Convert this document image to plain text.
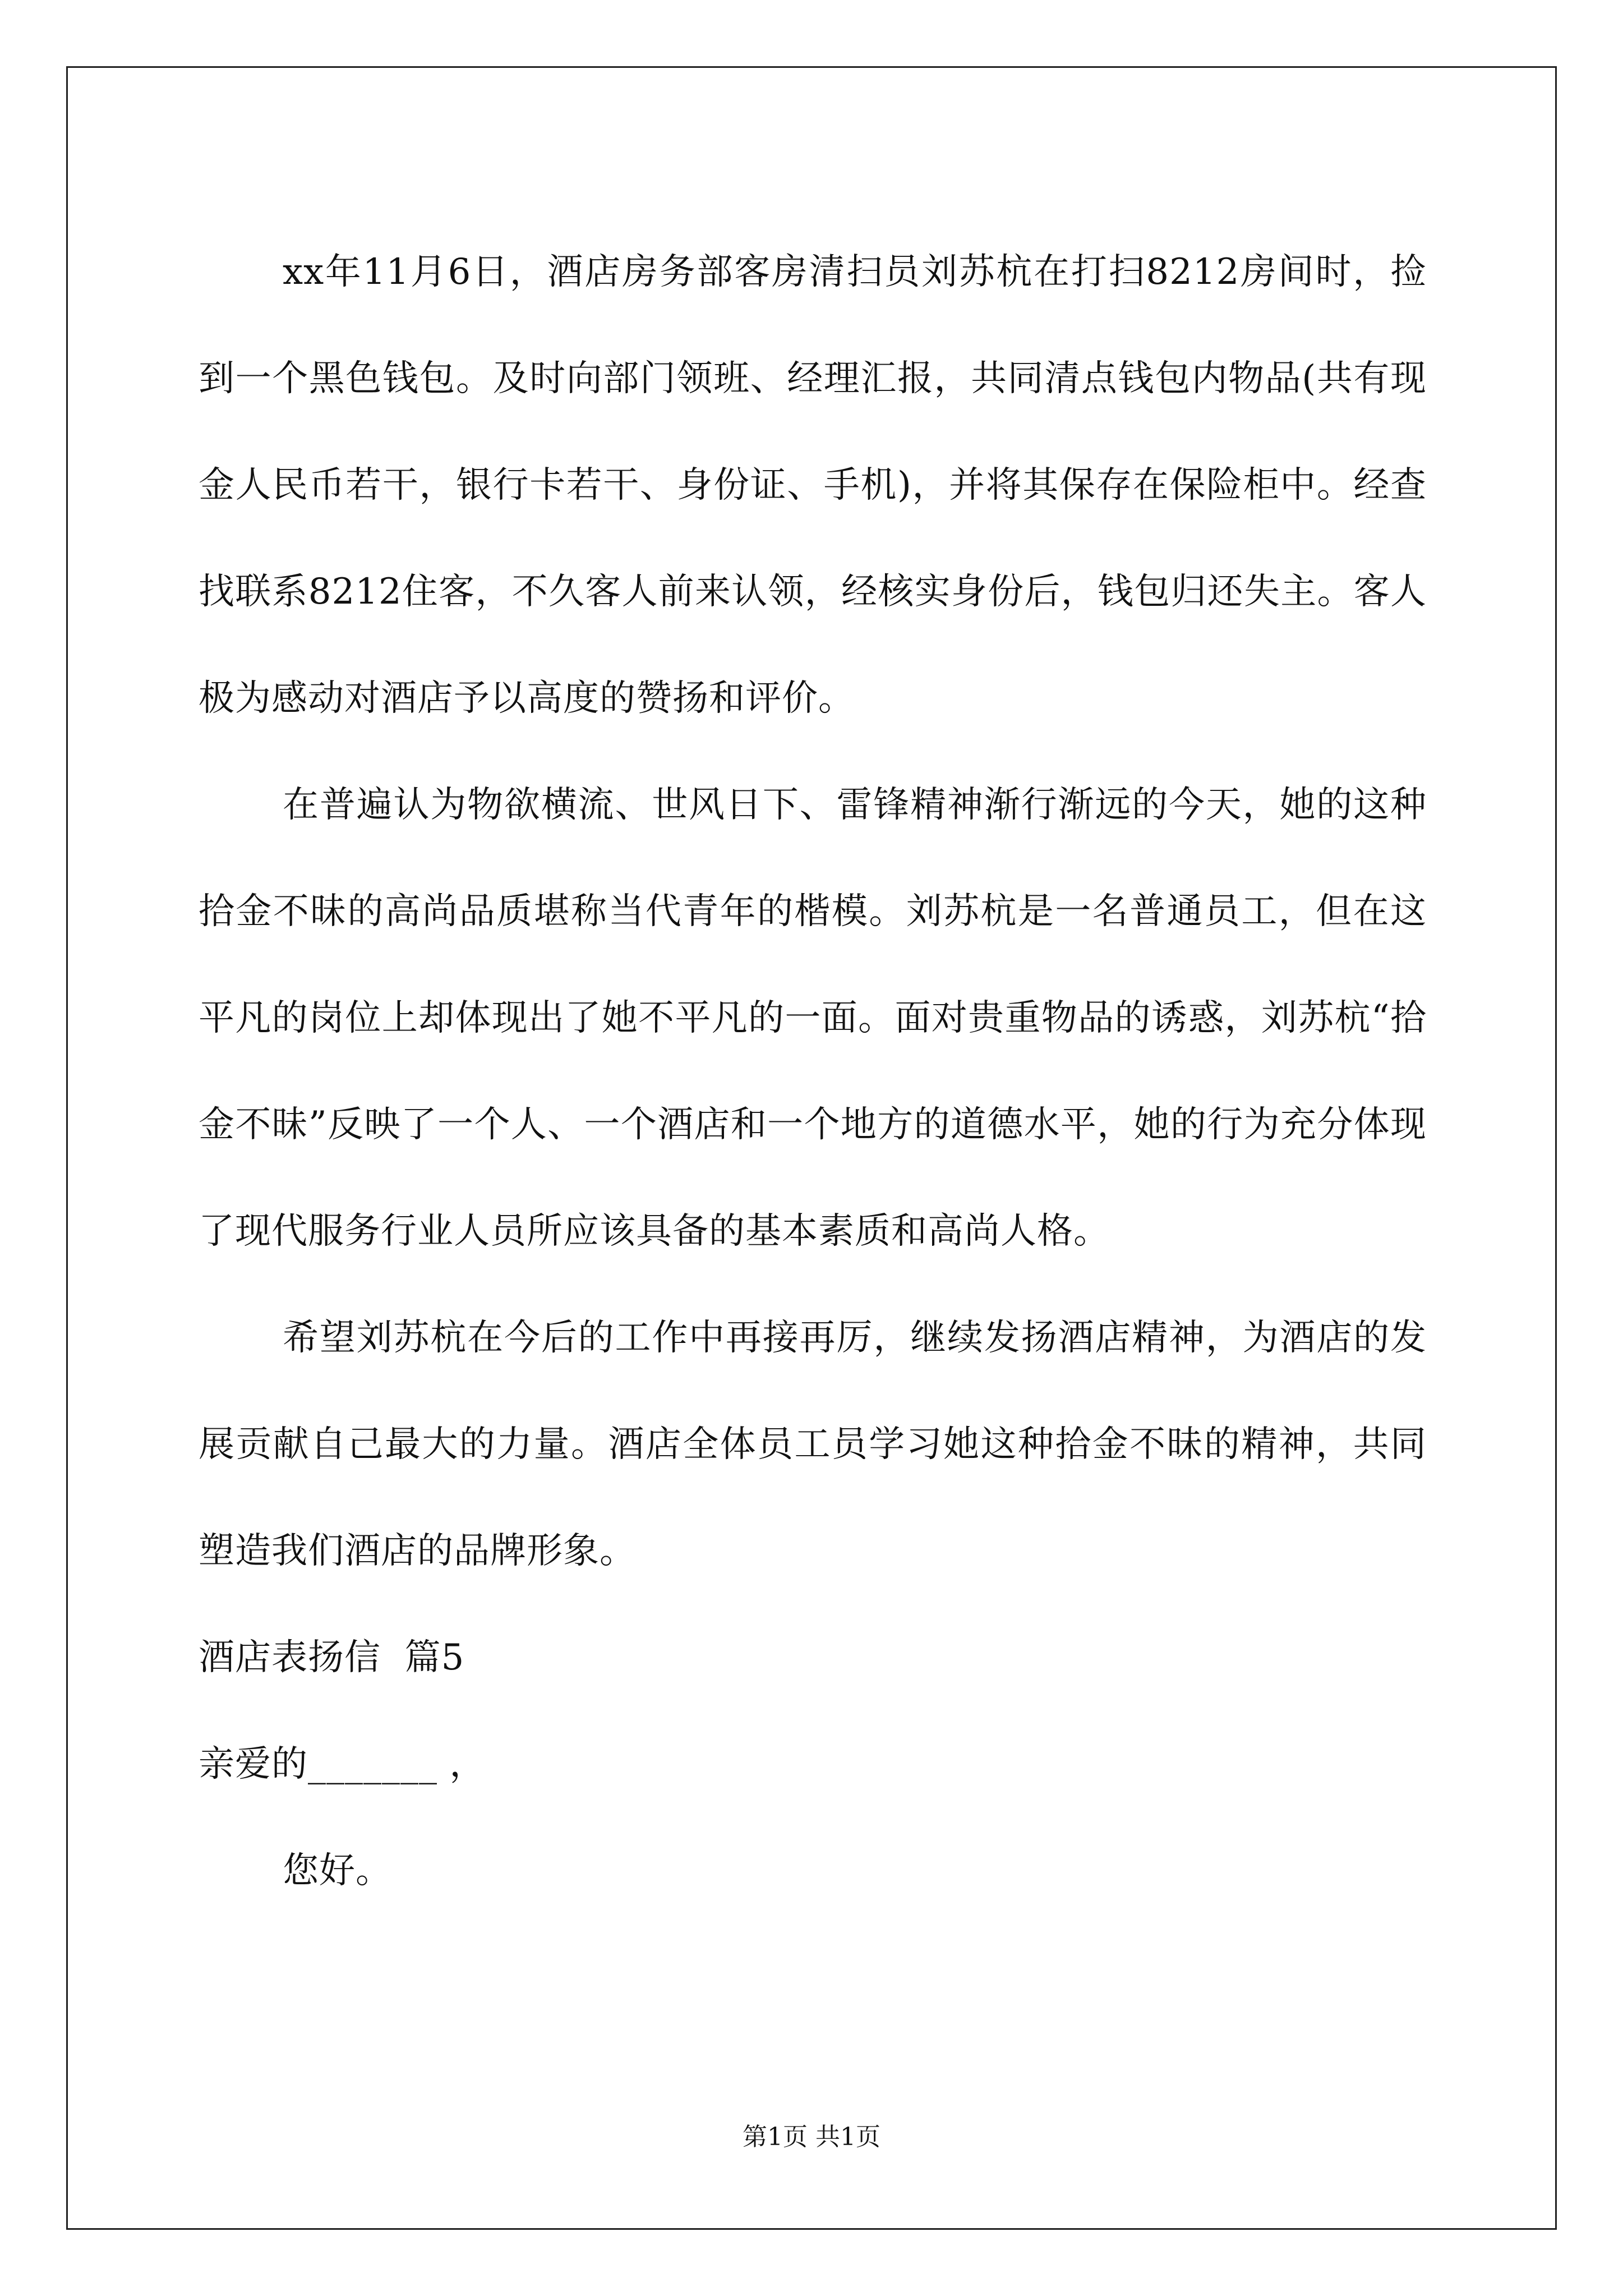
xx年11月6日，酒店房务部客房清扫员刘苏杭在打扫8212房间时，捡到一个黑色钱包。及时向部门领班、经理汇报，共同清点钱包内物品(共有现金人民币若干，银行卡若干、身份证、手机)，并将其保存在保险柜中。经查找联系8212住客，不久客人前来认领，经核实身份后，钱包归还失主。客人极为感动对酒店予以高度的赞扬和评价。

在普遍认为物欲横流、世风日下、雷锋精神渐行渐远的今天，她的这种拾金不昧的高尚品质堪称当代青年的楷模。刘苏杭是一名普通员工，但在这平凡的岗位上却体现出了她不平凡的一面。面对贵重物品的诱惑，刘苏杭“拾金不昧”反映了一个人、一个酒店和一个地方的道德水平，她的行为充分体现了现代服务行业人员所应该具备的基本素质和高尚人格。

希望刘苏杭在今后的工作中再接再厉，继续发扬酒店精神，为酒店的发展贡献自己最大的力量。酒店全体员工员学习她这种拾金不昧的精神，共同塑造我们酒店的品牌形象。

酒店表扬信  篇5

亲爱的_______ ，

您好。

第1页 共1页
